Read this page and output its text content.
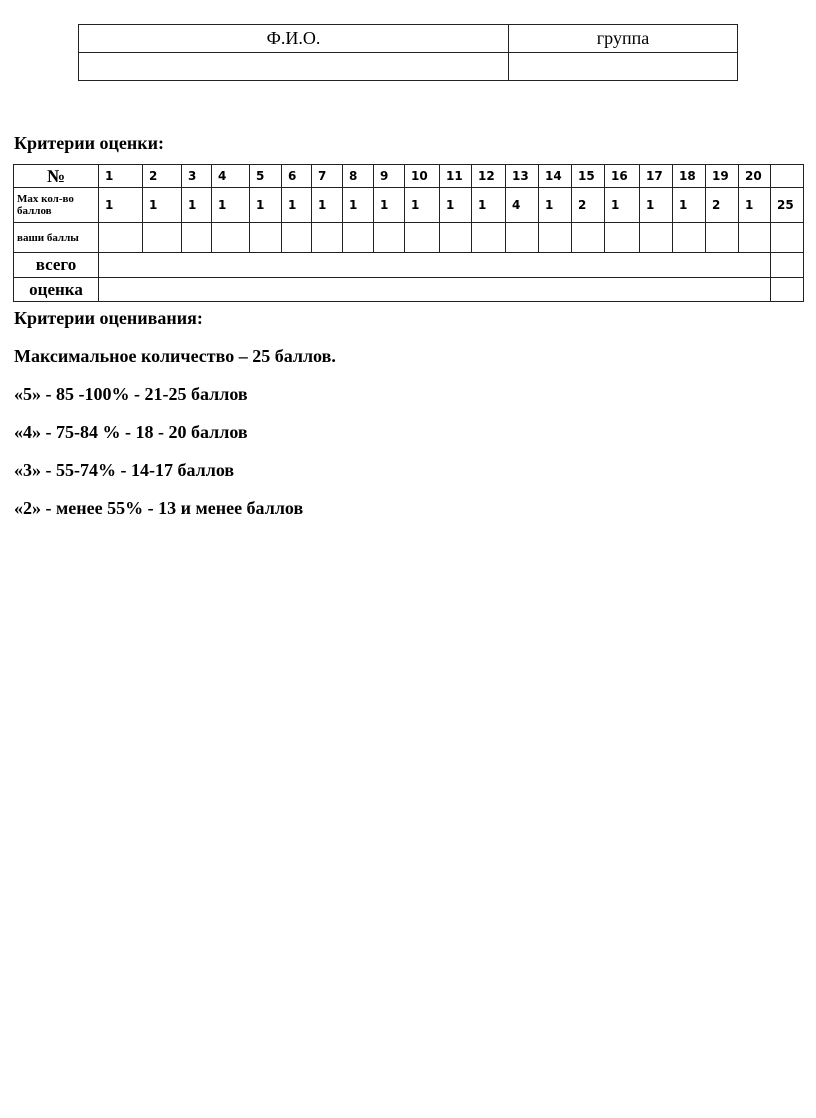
Ф.И.О.	группа

Критерии оценки:
№	1	2	3	4	5	6	7	8	9	10	11	12	13	14	15	16	17	18	19	20	
Мах кол-во баллов	1	1	1	1	1	1	1	1	1	1	1	1	4	1	2	1	1	1	2	1	25
ваши баллы																					
всего																					
оценка																					

Критерии оценивания:

Максимальное количество – 25 баллов.

«5» - 85 -100% - 21-25 баллов

«4» - 75-84 % - 18 - 20 баллов

«3» - 55-74% - 14-17 баллов

«2» - менее 55% - 13 и менее баллов
